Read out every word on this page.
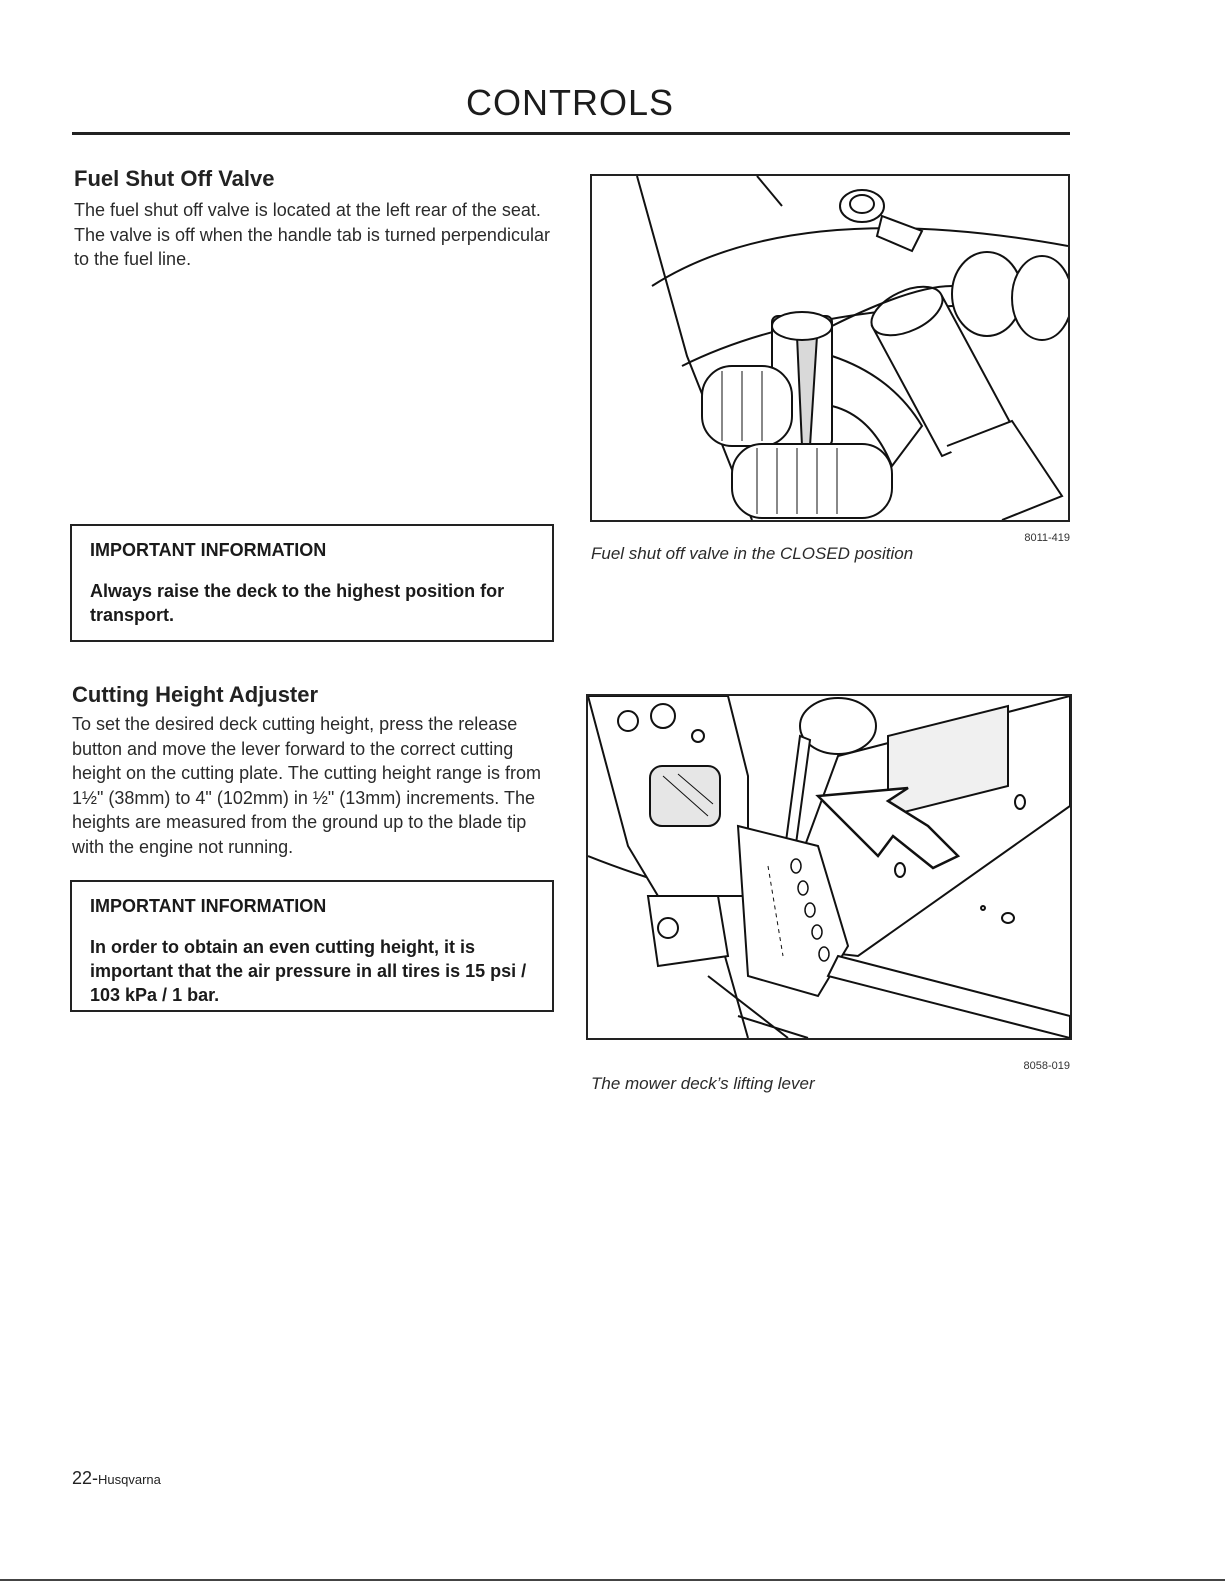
CONTROLS
Fuel Shut Off Valve
The fuel shut off valve is located at the left rear of the seat. The valve is off when the handle tab is turned perpendicular to the fuel line.
IMPORTANT INFORMATION
Always raise the deck to the highest position for transport.
Fuel shut off valve in the CLOSED position
8011-419
Cutting Height Adjuster
To set the desired deck cutting height, press the release button and move the lever forward to the correct cutting height on the cutting plate. The cutting height range is from 1½" (38mm) to 4" (102mm) in ½" (13mm) increments. The heights are measured from the ground up to the blade tip with the engine not running.
IMPORTANT INFORMATION
In order to obtain an even cutting height, it is important that the air pressure in all tires is 15 psi / 103 kPa / 1 bar.
The mower deck’s lifting lever
8058-019
22-Husqvarna
